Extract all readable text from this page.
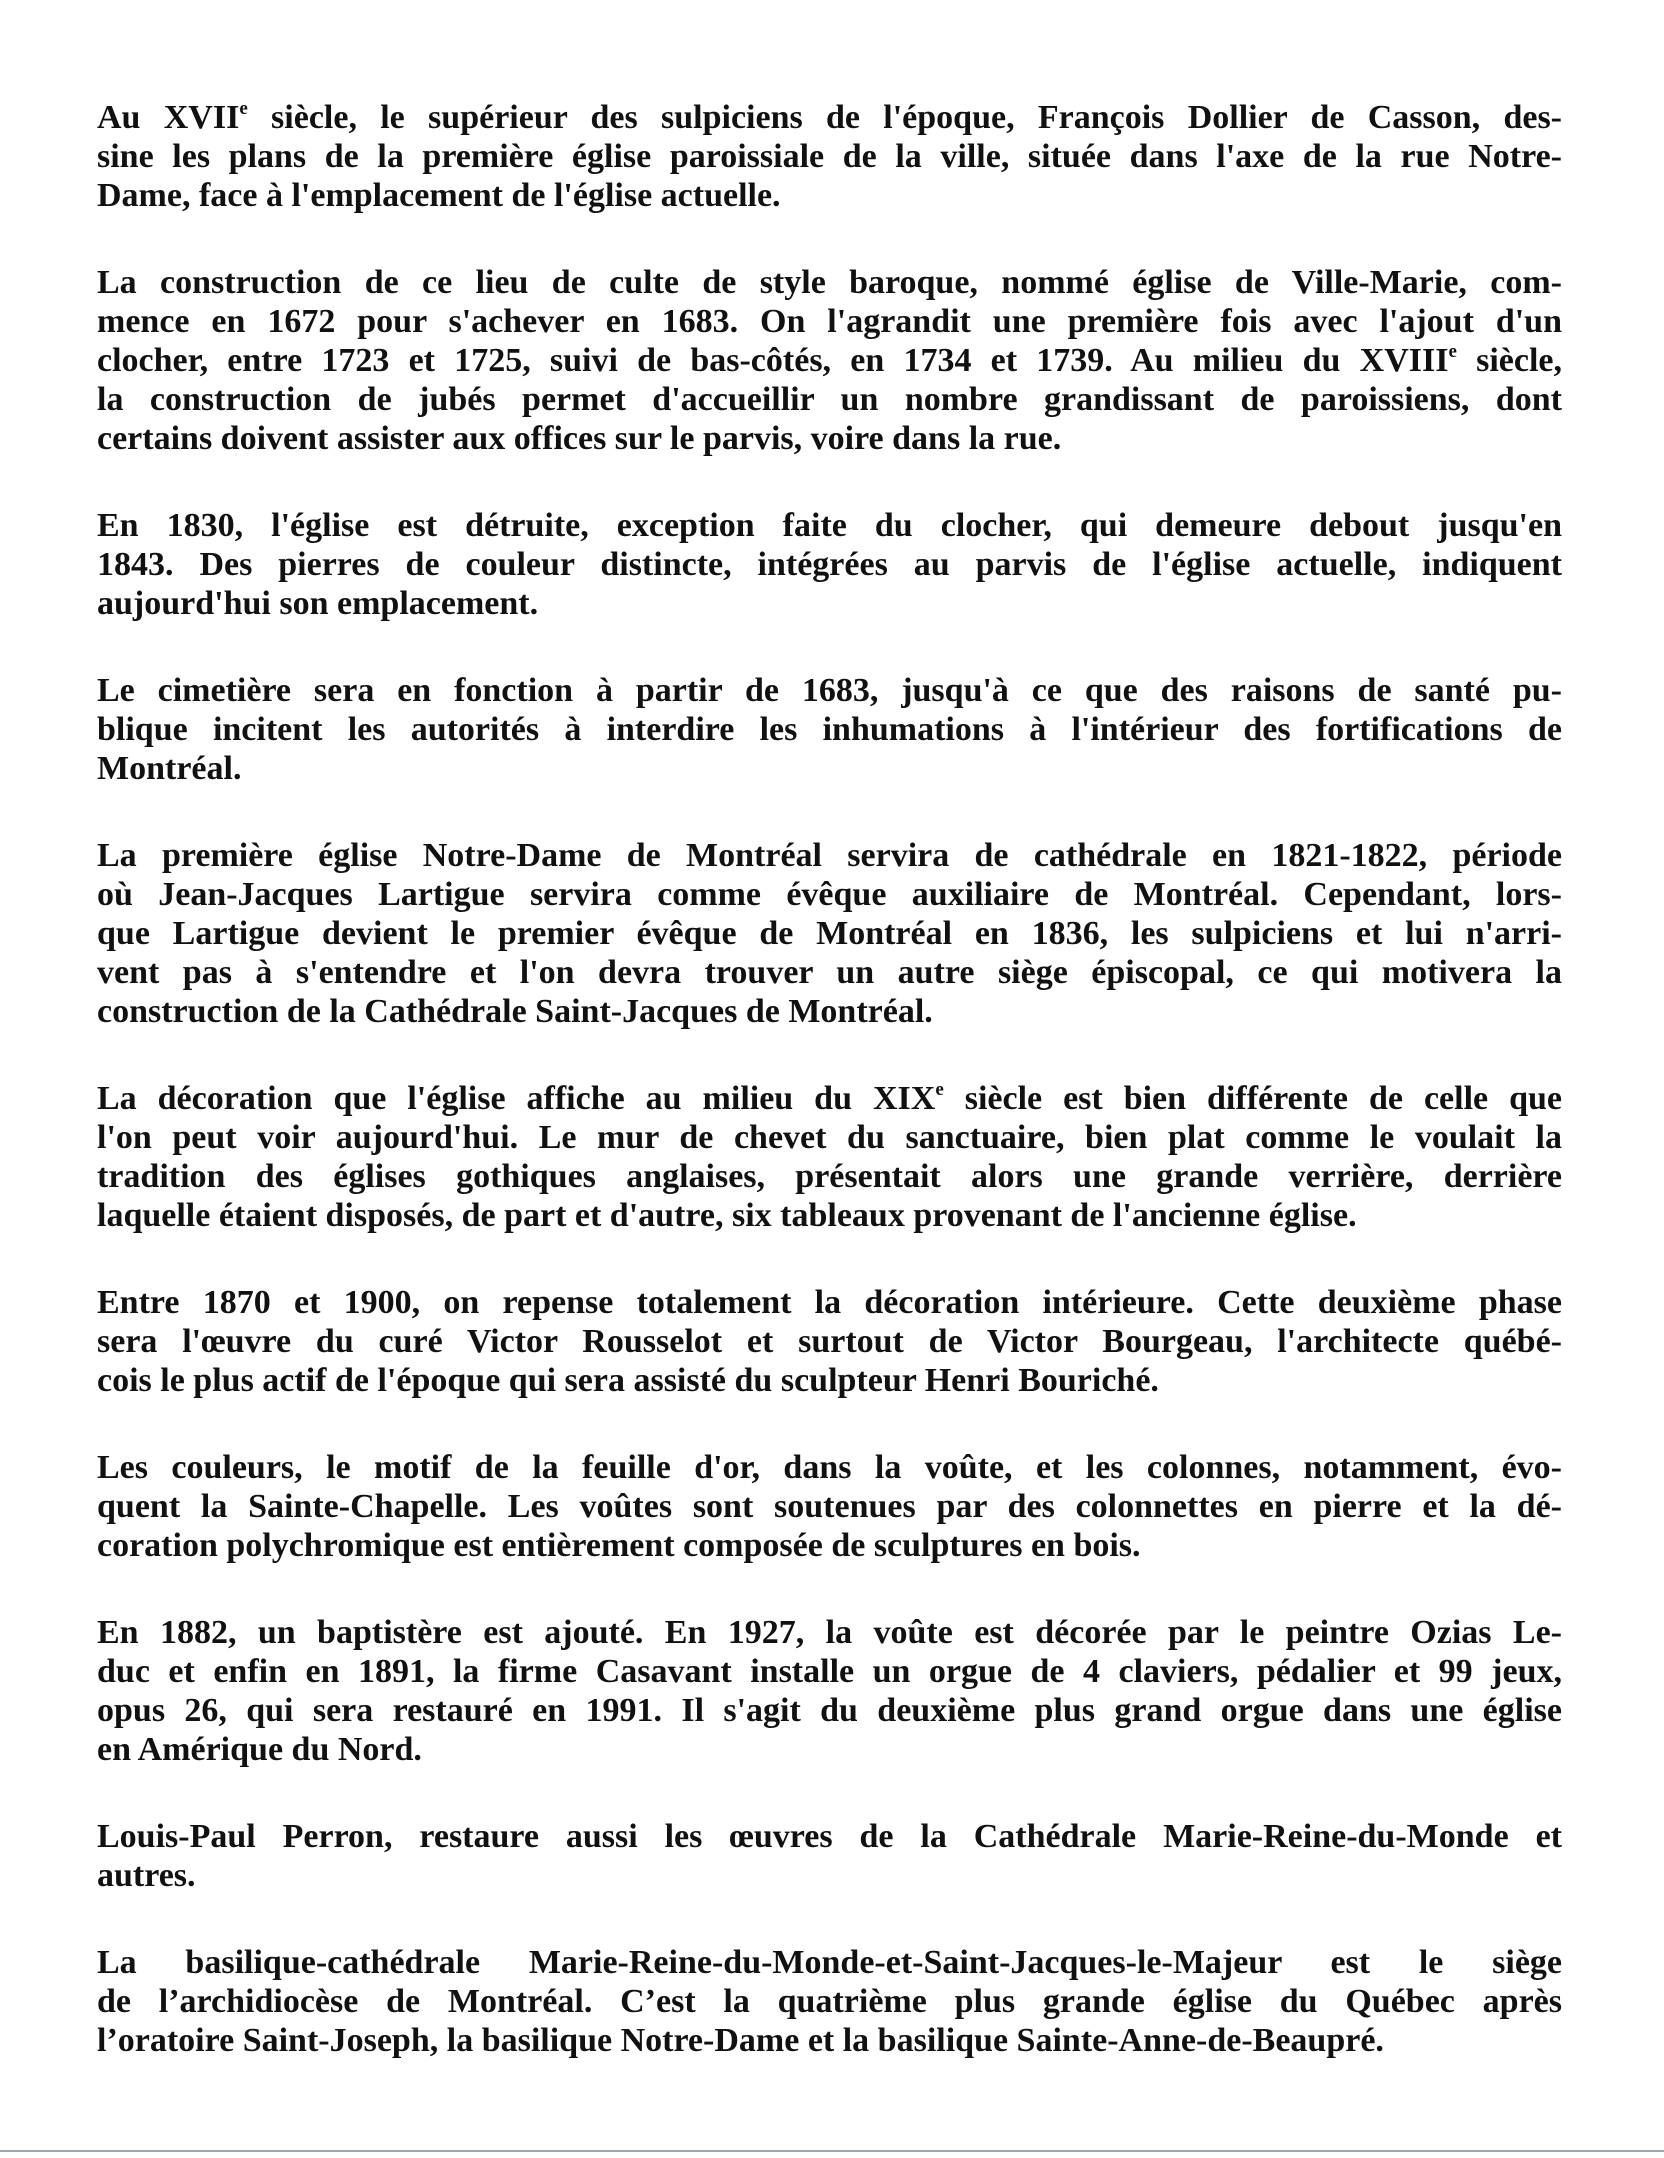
Au XVIIe siècle, le supérieur des sulpiciens de l'époque, François Dollier de Casson, des-
sine les plans de la première église paroissiale de la ville, située dans l'axe de la rue Notre-
Dame, face à l'emplacement de l'église actuelle.

La construction de ce lieu de culte de style baroque, nommé église de Ville-Marie, com-
mence en 1672 pour s'achever en 1683. On l'agrandit une première fois avec l'ajout d'un
clocher, entre 1723 et 1725, suivi de bas-côtés, en 1734 et 1739. Au milieu du XVIIIe siècle,
la construction de jubés permet d'accueillir un nombre grandissant de paroissiens, dont
certains doivent assister aux offices sur le parvis, voire dans la rue.

En 1830, l'église est détruite, exception faite du clocher, qui demeure debout jusqu'en
1843. Des pierres de couleur distincte, intégrées au parvis de l'église actuelle, indiquent
aujourd'hui son emplacement.

Le cimetière sera en fonction à partir de 1683, jusqu'à ce que des raisons de santé pu-
blique incitent les autorités à interdire les inhumations à l'intérieur des fortifications de
Montréal.

La première église Notre-Dame de Montréal servira de cathédrale en 1821-1822, période
où Jean-Jacques Lartigue servira comme évêque auxiliaire de Montréal. Cependant, lors-
que Lartigue devient le premier évêque de Montréal en 1836, les sulpiciens et lui n'arri-
vent pas à s'entendre et l'on devra trouver un autre siège épiscopal, ce qui motivera la
construction de la Cathédrale Saint-Jacques de Montréal.

La décoration que l'église affiche au milieu du XIXe siècle est bien différente de celle que
l'on peut voir aujourd'hui. Le mur de chevet du sanctuaire, bien plat comme le voulait la
tradition des églises gothiques anglaises, présentait alors une grande verrière, derrière
laquelle étaient disposés, de part et d'autre, six tableaux provenant de l'ancienne église.

Entre 1870 et 1900, on repense totalement la décoration intérieure. Cette deuxième phase
sera l'œuvre du curé Victor Rousselot et surtout de Victor Bourgeau, l'architecte québé-
cois le plus actif de l'époque qui sera assisté du sculpteur Henri Bouriché.

Les couleurs, le motif de la feuille d'or, dans la voûte, et les colonnes, notamment, évo-
quent la Sainte-Chapelle. Les voûtes sont soutenues par des colonnettes en pierre et la dé-
coration polychromique est entièrement composée de sculptures en bois.

En 1882, un baptistère est ajouté. En 1927, la voûte est décorée par le peintre Ozias Le-
duc et enfin en 1891, la firme Casavant installe un orgue de 4 claviers, pédalier et 99 jeux,
opus 26, qui sera restauré en 1991. Il s'agit du deuxième plus grand orgue dans une église
en Amérique du Nord.

Louis-Paul Perron, restaure aussi les œuvres de la Cathédrale Marie-Reine-du-Monde et
autres.

La basilique-cathédrale Marie-Reine-du-Monde-et-Saint-Jacques-le-Majeur est le siège
de l’archidiocèse de Montréal. C’est la quatrième plus grande église du Québec après
l’oratoire Saint-Joseph, la basilique Notre-Dame et la basilique Sainte-Anne-de-Beaupré.
